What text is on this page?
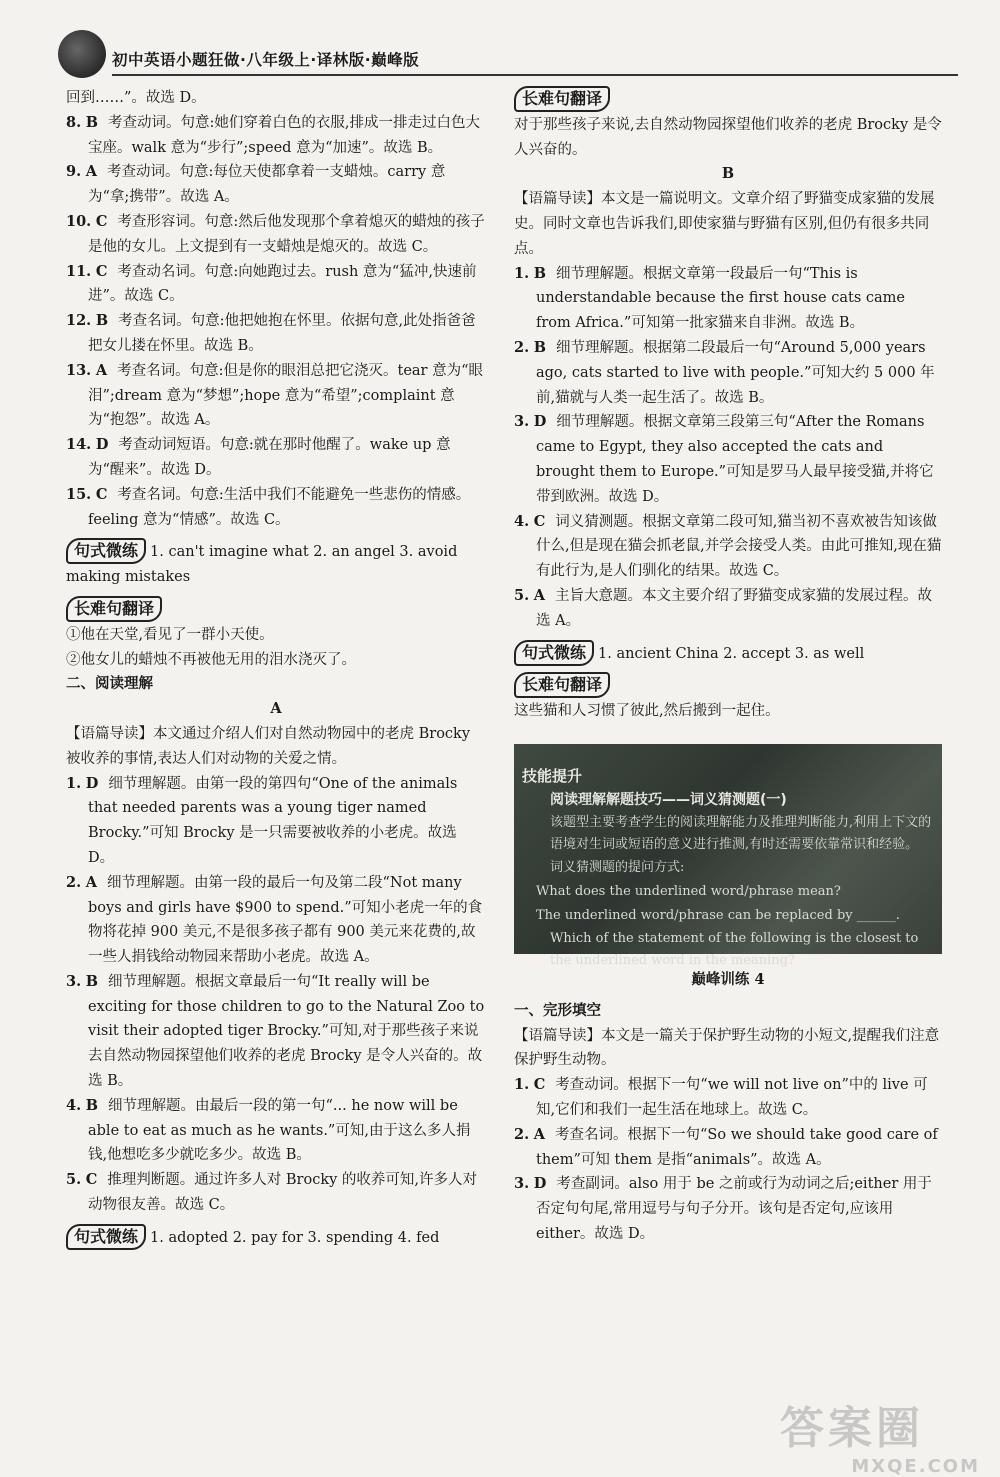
初中英语小题狂做·八年级上·译林版·巅峰版
回到……”。故选 D。
8. B 考查动词。句意:她们穿着白色的衣服,排成一排走过白色大宝座。walk 意为“步行”;speed 意为“加速”。故选 B。
9. A 考查动词。句意:每位天使都拿着一支蜡烛。carry 意为“拿;携带”。故选 A。
10. C 考查形容词。句意:然后他发现那个拿着熄灭的蜡烛的孩子是他的女儿。上文提到有一支蜡烛是熄灭的。故选 C。
11. C 考查动名词。句意:向她跑过去。rush 意为“猛冲,快速前进”。故选 C。
12. B 考查名词。句意:他把她抱在怀里。依据句意,此处指爸爸把女儿搂在怀里。故选 B。
13. A 考查名词。句意:但是你的眼泪总把它浇灭。tear 意为“眼泪”;dream 意为“梦想”;hope 意为“希望”;complaint 意为“抱怨”。故选 A。
14. D 考查动词短语。句意:就在那时他醒了。wake up 意为“醒来”。故选 D。
15. C 考查名词。句意:生活中我们不能避免一些悲伤的情感。feeling 意为“情感”。故选 C。
句式微练 1. can't imagine what 2. an angel 3. avoid making mistakes
长难句翻译
①他在天堂,看见了一群小天使。
②他女儿的蜡烛不再被他无用的泪水浇灭了。
二、阅读理解
A
【语篇导读】本文通过介绍人们对自然动物园中的老虎 Brocky 被收养的事情,表达人们对动物的关爱之情。
1. D 细节理解题。由第一段的第四句“One of the animals that needed parents was a young tiger named Brocky.”可知 Brocky 是一只需要被收养的小老虎。故选 D。
2. A 细节理解题。由第一段的最后一句及第二段“Not many boys and girls have $900 to spend.”可知小老虎一年的食物将花掉 900 美元,不是很多孩子都有 900 美元来花费的,故一些人捐钱给动物园来帮助小老虎。故选 A。
3. B 细节理解题。根据文章最后一句“It really will be exciting for those children to go to the Natural Zoo to visit their adopted tiger Brocky.”可知,对于那些孩子来说去自然动物园探望他们收养的老虎 Brocky 是令人兴奋的。故选 B。
4. B 细节理解题。由最后一段的第一句“... he now will be able to eat as much as he wants.”可知,由于这么多人捐钱,他想吃多少就吃多少。故选 B。
5. C 推理判断题。通过许多人对 Brocky 的收养可知,许多人对动物很友善。故选 C。
句式微练 1. adopted 2. pay for 3. spending 4. fed
长难句翻译
对于那些孩子来说,去自然动物园探望他们收养的老虎 Brocky 是令人兴奋的。
B
【语篇导读】本文是一篇说明文。文章介绍了野猫变成家猫的发展史。同时文章也告诉我们,即使家猫与野猫有区别,但仍有很多共同点。
1. B 细节理解题。根据文章第一段最后一句“This is understandable because the first house cats came from Africa.”可知第一批家猫来自非洲。故选 B。
2. B 细节理解题。根据第二段最后一句“Around 5,000 years ago, cats started to live with people.”可知大约 5 000 年前,猫就与人类一起生活了。故选 B。
3. D 细节理解题。根据文章第三段第三句“After the Romans came to Egypt, they also accepted the cats and brought them to Europe.”可知是罗马人最早接受猫,并将它带到欧洲。故选 D。
4. C 词义猜测题。根据文章第二段可知,猫当初不喜欢被告知该做什么,但是现在猫会抓老鼠,并学会接受人类。由此可推知,现在猫有此行为,是人们驯化的结果。故选 C。
5. A 主旨大意题。本文主要介绍了野猫变成家猫的发展过程。故选 A。
句式微练 1. ancient China 2. accept 3. as well
长难句翻译
这些猫和人习惯了彼此,然后搬到一起住。
技能提升
阅读理解解题技巧——词义猜测题(一)
该题型主要考查学生的阅读理解能力及推理判断能力,利用上下文的语境对生词或短语的意义进行推测,有时还需要依靠常识和经验。
词义猜测题的提问方式:
What does the underlined word/phrase mean?
The underlined word/phrase can be replaced by ______.
Which of the statement of the following is the closest to the underlined word in the meaning?
巅峰训练 4
一、完形填空
【语篇导读】本文是一篇关于保护野生动物的小短文,提醒我们注意保护野生动物。
1. C 考查动词。根据下一句“we will not live on”中的 live 可知,它们和我们一起生活在地球上。故选 C。
2. A 考查名词。根据下一句“So we should take good care of them”可知 them 是指“animals”。故选 A。
3. D 考查副词。also 用于 be 之前或行为动词之后;either 用于否定句句尾,常用逗号与句子分开。该句是否定句,应该用 either。故选 D。
答案圈
MXQE.COM
